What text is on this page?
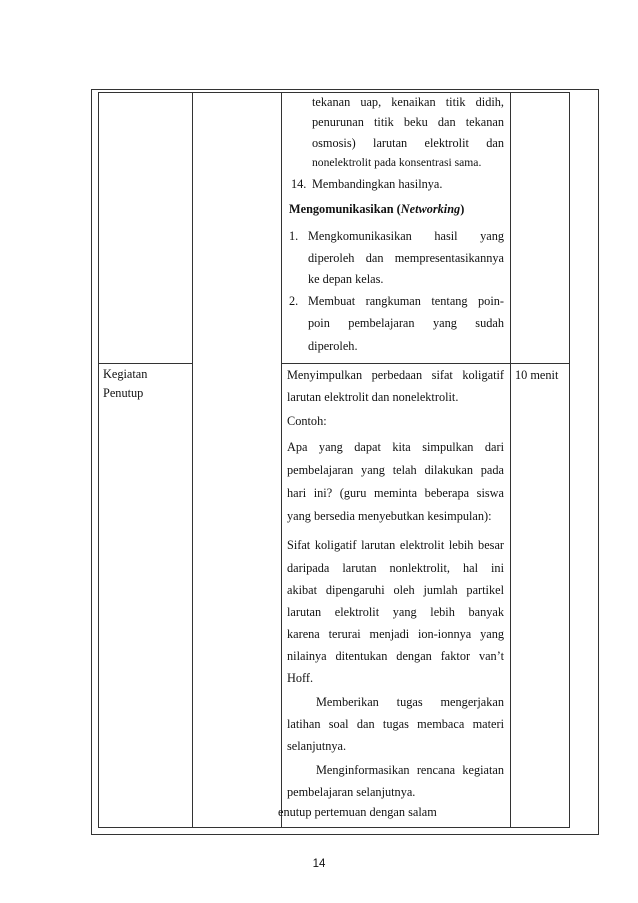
tekanan uap, kenaikan titik didih,
penurunan titik beku dan tekanan
osmosis) larutan elektrolit dan
nonelektrolit pada konsentrasi sama.
14. Membandingkan hasilnya.
Mengomunikasikan (Networking)
1. Mengkomunikasikan hasil yang
diperoleh dan mempresentasikannya
ke depan kelas.
2. Membuat rangkuman tentang poin-
poin pembelajaran yang sudah
diperoleh.
Kegiatan
Penutup
Menyimpulkan perbedaan sifat koligatif
larutan elektrolit dan nonelektrolit.
Contoh:
Apa yang dapat kita simpulkan dari
pembelajaran yang telah dilakukan pada
hari ini? (guru meminta beberapa siswa
yang bersedia menyebutkan kesimpulan):
Sifat koligatif larutan elektrolit lebih besar
daripada larutan nonlektrolit, hal ini
akibat dipengaruhi oleh jumlah partikel
larutan elektrolit yang lebih banyak
karena terurai menjadi ion-ionnya yang
nilainya ditentukan dengan faktor van’t
Hoff.
Memberikan tugas mengerjakan
latihan soal dan tugas membaca materi
selanjutnya.
Menginformasikan rencana kegiatan
pembelajaran selanjutnya.
enutup pertemuan dengan salam
10 menit
14
